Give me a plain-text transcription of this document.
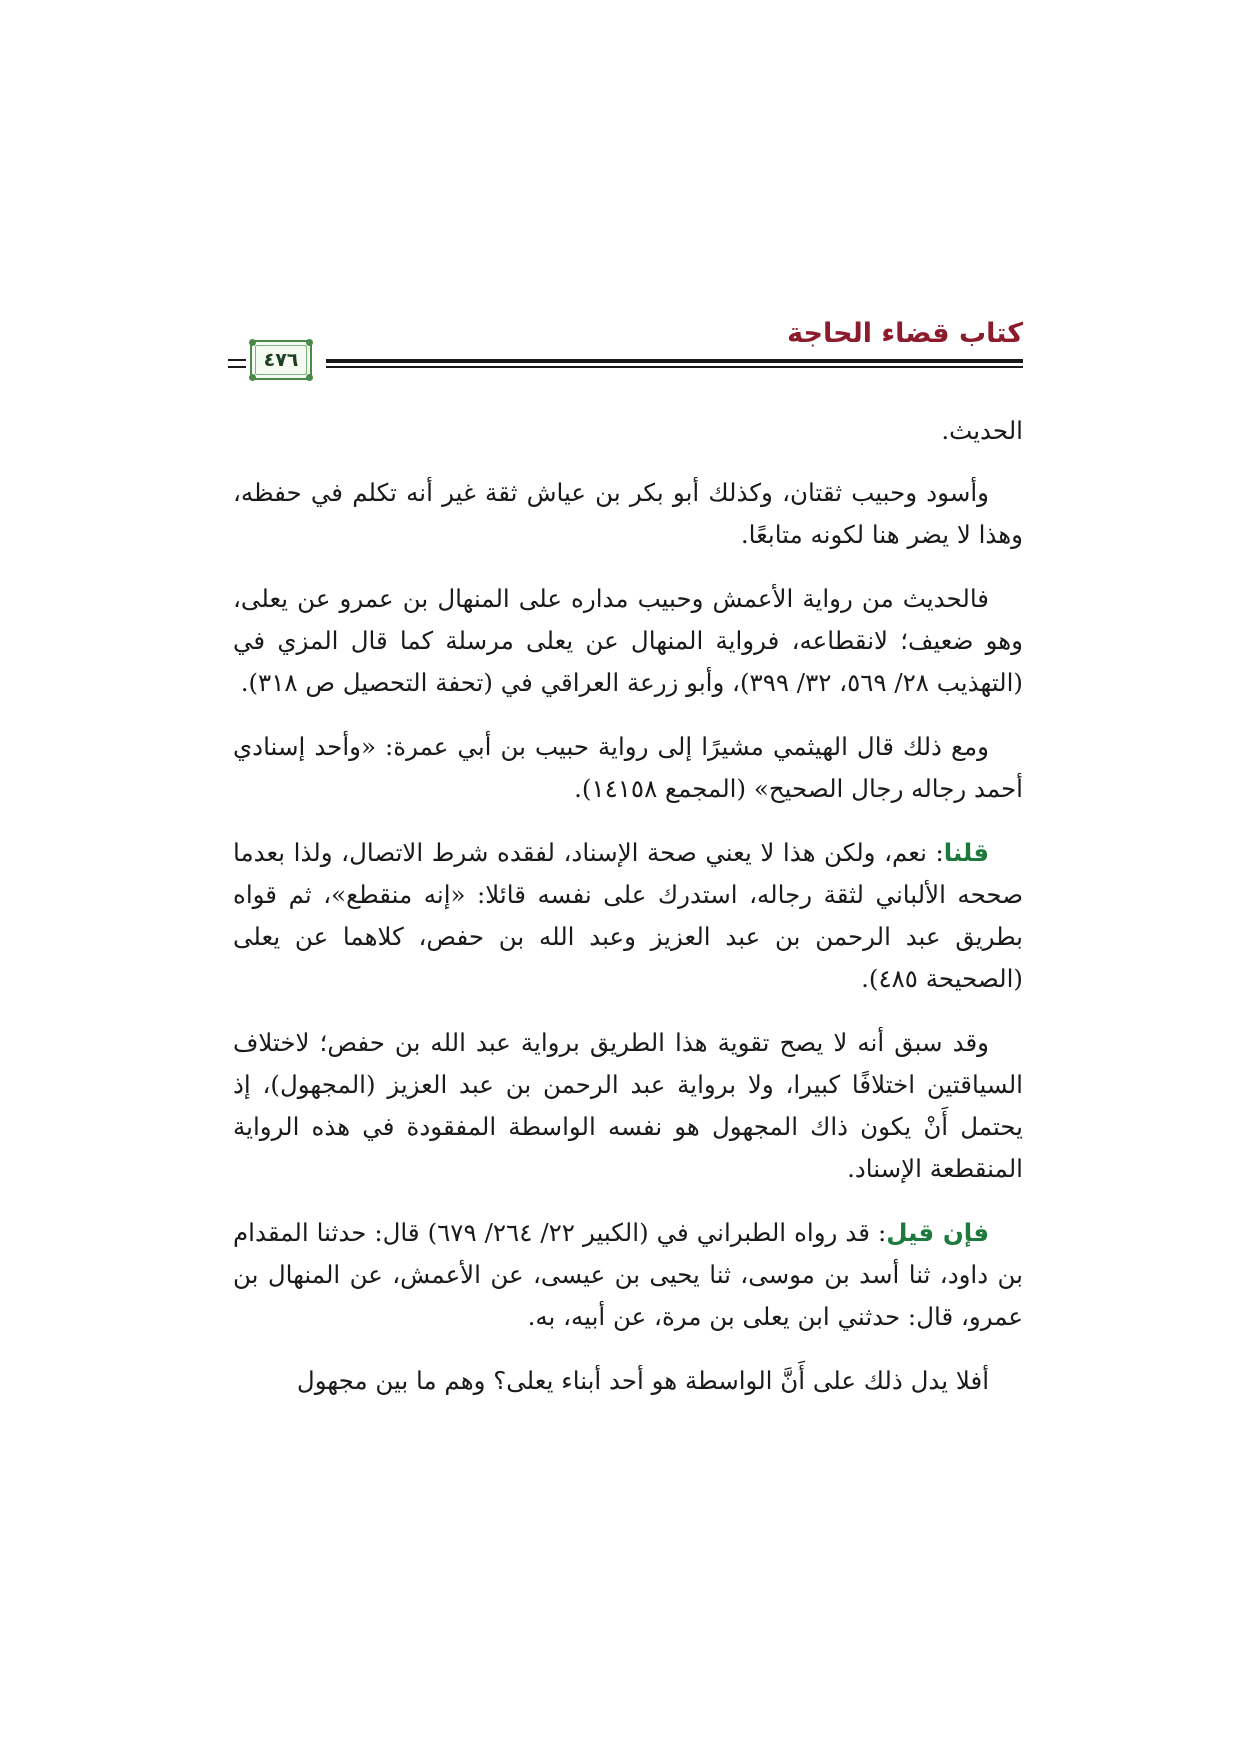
كتاب قضاء الحاجة
٤٧٦

الحديث.

وأسود وحبيب ثقتان، وكذلك أبو بكر بن عياش ثقة غير أنه تكلم في حفظه، وهذا لا يضر هنا لكونه متابعًا.

فالحديث من رواية الأعمش وحبيب مداره على المنهال بن عمرو عن يعلى، وهو ضعيف؛ لانقطاعه، فرواية المنهال عن يعلى مرسلة كما قال المزي في (التهذيب ٢٨/ ٥٦٩، ٣٢/ ٣٩٩)، وأبو زرعة العراقي في (تحفة التحصيل ص ٣١٨).

ومع ذلك قال الهيثمي مشيرًا إلى رواية حبيب بن أبي عمرة: «وأحد إسنادي أحمد رجاله رجال الصحيح» (المجمع ١٤١٥٨).

قلنا: نعم، ولكن هذا لا يعني صحة الإسناد، لفقده شرط الاتصال، ولذا بعدما صححه الألباني لثقة رجاله، استدرك على نفسه قائلا: «إنه منقطع»، ثم قواه بطريق عبد الرحمن بن عبد العزيز وعبد الله بن حفص، كلاهما عن يعلى (الصحيحة ٤٨٥).

وقد سبق أنه لا يصح تقوية هذا الطريق برواية عبد الله بن حفص؛ لاختلاف السياقتين اختلافًا كبيرا، ولا برواية عبد الرحمن بن عبد العزيز (المجهول)، إذ يحتمل أَنْ يكون ذاك المجهول هو نفسه الواسطة المفقودة في هذه الرواية المنقطعة الإسناد.

فإن قيل: قد رواه الطبراني في (الكبير ٢٢/ ٢٦٤/ ٦٧٩) قال: حدثنا المقدام بن داود، ثنا أسد بن موسى، ثنا يحيى بن عيسى، عن الأعمش، عن المنهال بن عمرو، قال: حدثني ابن يعلى بن مرة، عن أبيه، به.

أفلا يدل ذلك على أَنَّ الواسطة هو أحد أبناء يعلى؟ وهم ما بين مجهول
